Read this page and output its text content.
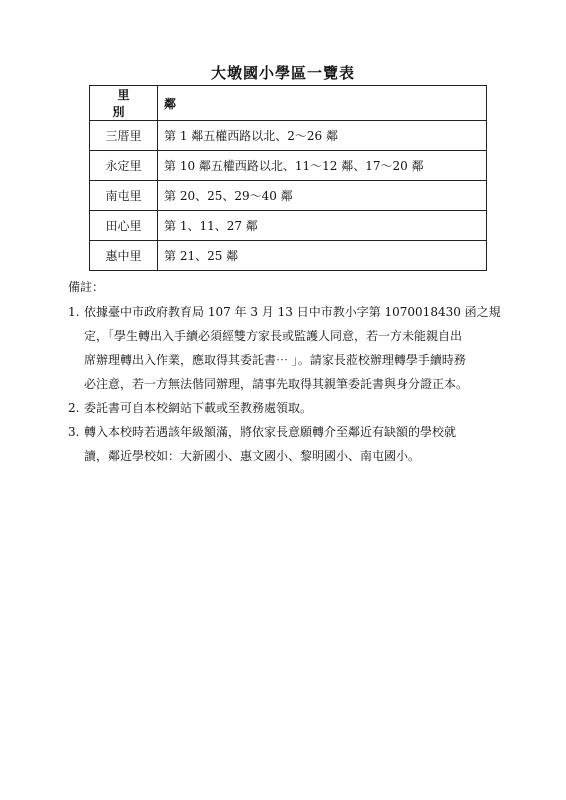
大墩國小學區一覽表
里 別	鄰
三厝里	第 1 鄰五權西路以北、2～26 鄰
永定里	第 10 鄰五權西路以北、11～12 鄰、17～20 鄰
南屯里	第 20、25、29～40 鄰
田心里	第 1、11、27 鄰
惠中里	第 21、25 鄰
備註：
1. 依據臺中市政府教育局 107 年 3 月 13 日中市教小字第 1070018430 函之規
定，「學生轉出入手續必須經雙方家長或監護人同意，若一方未能親自出
席辦理轉出入作業，應取得其委託書⋯ 」。請家長蒞校辦理轉學手續時務
必注意，若一方無法偕同辦理，請事先取得其親筆委託書與身分證正本。
2. 委託書可自本校網站下載或至教務處領取。
3. 轉入本校時若遇該年級額滿，將依家長意願轉介至鄰近有缺額的學校就
讀，鄰近學校如：大新國小、惠文國小、黎明國小、南屯國小。
